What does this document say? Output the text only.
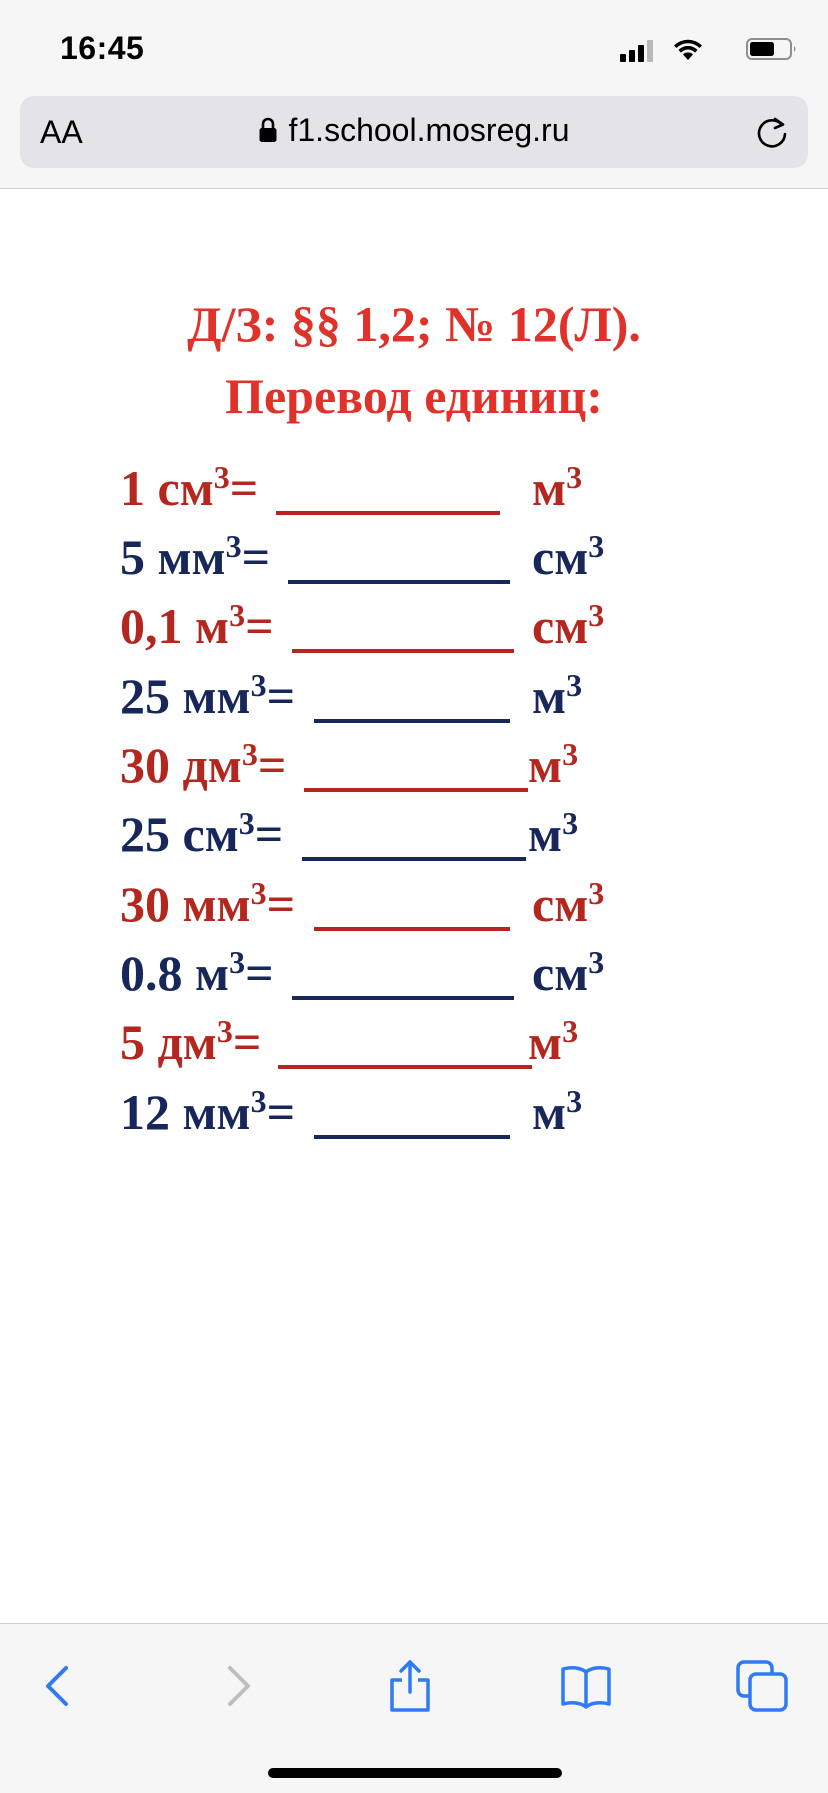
16:45
AA	f1.school.mosreg.ru
Д/З: §§ 1,2; № 12(Л).
Перевод единиц:
1 $см^3=$	$м^3$
5 $мм^3=$	$см^3$
0,1 $м^3=$	$см^3$
25 $мм^3=$	$м^3$
30 $дм^3=$	$м^3$
25 $см^3=$	$м^3$
30 $мм^3=$	$см^3$
0.8 $м^3=$	$см^3$
5 $дм^3=$	$м^3$
12 $мм^3=$	$м^3$
